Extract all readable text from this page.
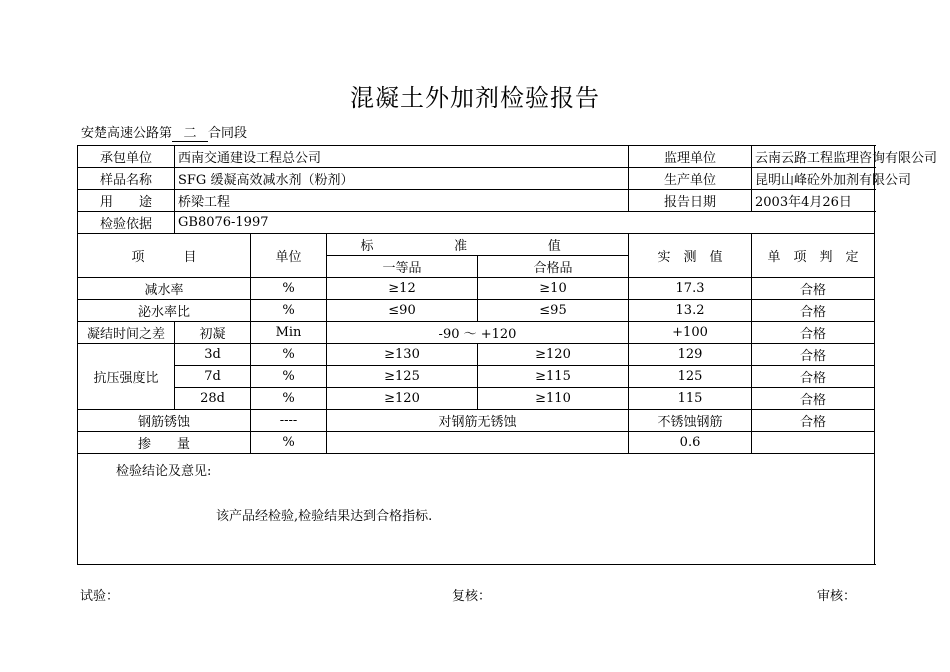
混凝土外加剂检验报告
安楚高速公路第 二 合同段
承包单位	西南交通建设工程总公司				监理单位	云南云路工程监理咨询有限公司
样品名称	SFG 缓凝高效减水剂（粉剂）				生产单位	昆明山峰砼外加剂有限公司
用　　途	桥梁工程				报告日期	2003年4月26日
检验依据	GB8076-1997					
项　　　目		单位	标　准　值		实　测　值	单　项　判　定
			一等品	合格品		
减水率		%	≥12	≥10	17.3	合格
泌水率比		%	≤90	≤95	13.2	合格
凝结时间之差	初凝	Min	-90 ～ +120		+100	合格
抗压强度比	3d	%	≥130	≥120	129	合格
	7d	%	≥125	≥115	125	合格
	28d	%	≥120	≥110	115	合格
钢筋锈蚀		----	对钢筋无锈蚀		不锈蚀钢筋	合格
掺　　量		%			0.6	

检验结论及意见:
该产品经检验,检验结果达到合格指标.						
试验：	复核：	审核：
